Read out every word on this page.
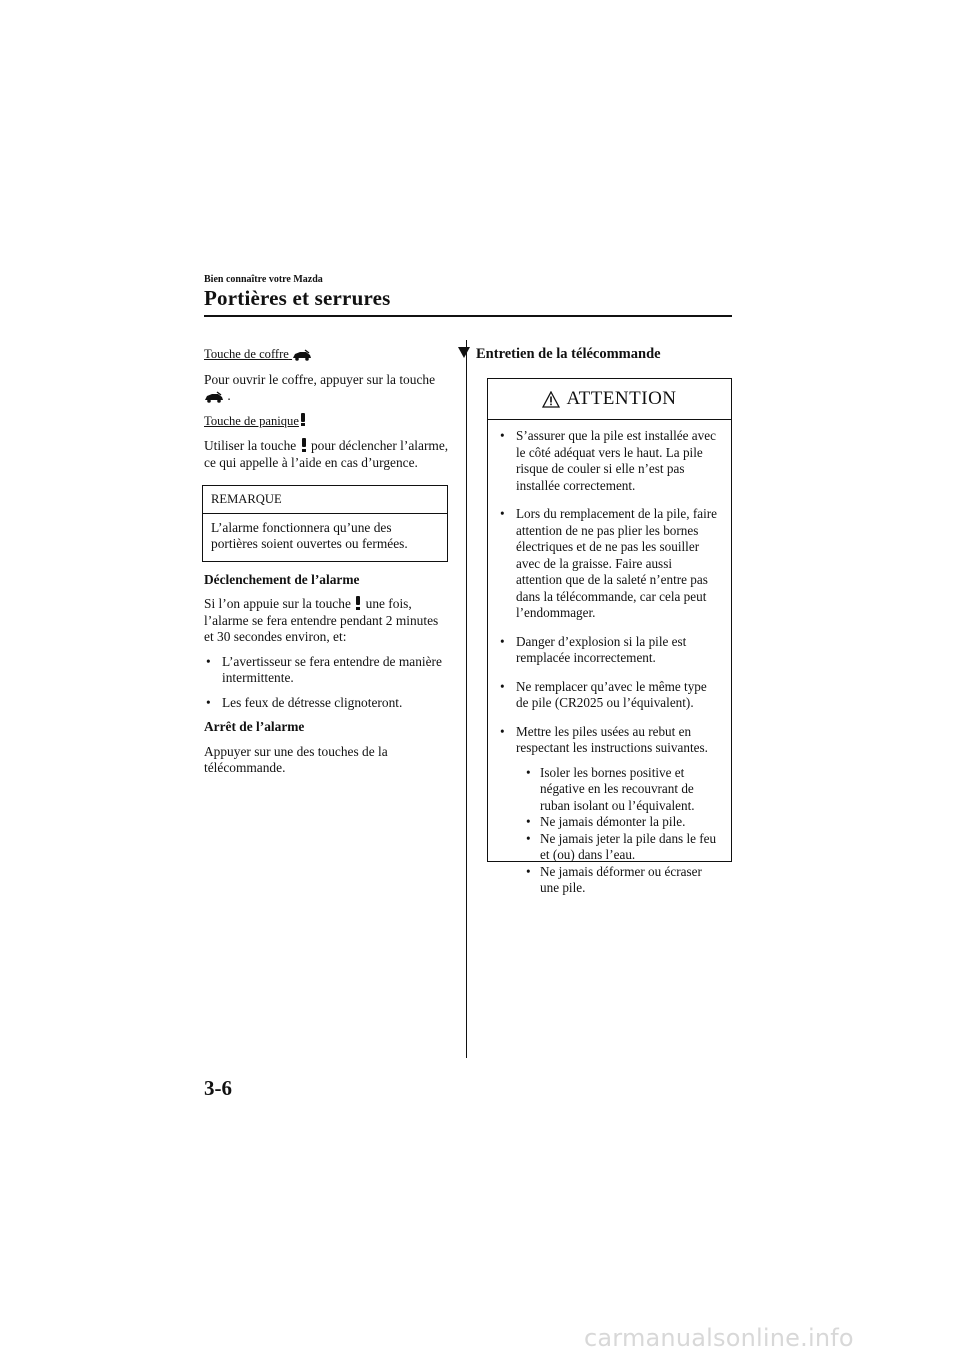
Bien connaître votre Mazda
Portières et serrures

Touche de coffre

Pour ouvrir le coffre, appuyer sur la touche  .

Touche de panique

Utiliser la touche pour déclencher l’alarme, ce qui appelle à l’aide en cas d’urgence.

REMARQUE
L’alarme fonctionnera qu’une des portières soient ouvertes ou fermées.

Déclenchement de l’alarme

Si l’on appuie sur la touche une fois, l’alarme se fera entendre pendant 2 minutes et 30 secondes environ, et:

• L’avertisseur se fera entendre de manière intermittente.
• Les feux de détresse clignoteront.

Arrêt de l’alarme

Appuyer sur une des touches de la télécommande.

Entretien de la télécommande
ATTENTION
• S’assurer que la pile est installée avec le côté adéquat vers le haut. La pile risque de couler si elle n’est pas installée correctement.
• Lors du remplacement de la pile, faire attention de ne pas plier les bornes électriques et de ne pas les souiller avec de la graisse. Faire aussi attention que de la saleté n’entre pas dans la télécommande, car cela peut l’endommager.
• Danger d’explosion si la pile est remplacée incorrectement.
• Ne remplacer qu’avec le même type de pile (CR2025 ou l’équivalent).
• Mettre les piles usées au rebut en respectant les instructions suivantes.
• Isoler les bornes positive et négative en les recouvrant de ruban isolant ou l’équivalent.
• Ne jamais démonter la pile.
• Ne jamais jeter la pile dans le feu et (ou) dans l’eau.
• Ne jamais déformer ou écraser une pile.
3-6
carmanualsonline.info
